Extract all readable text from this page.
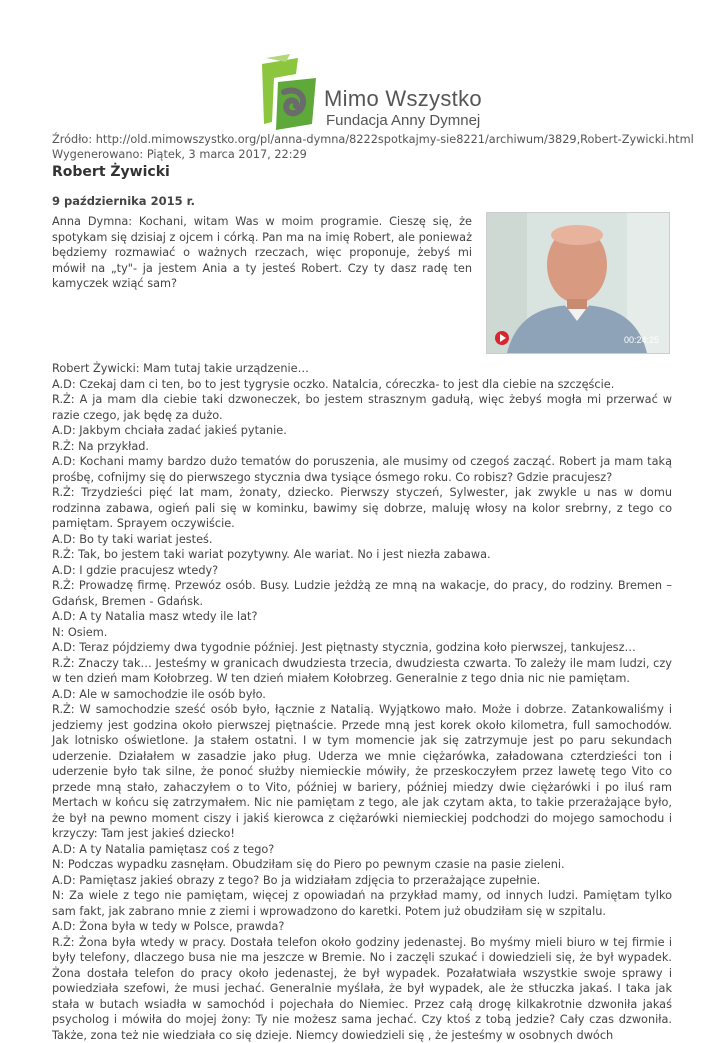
Mimo Wszystko
Fundacja Anny Dymnej
Źródło: http://old.mimowszystko.org/pl/anna-dymna/8222spotkajmy-sie8221/archiwum/3829,Robert-Zywicki.html
Wygenerowano: Piątek, 3 marca 2017, 22:29
Robert Żywicki
9 października 2015 r.
Anna Dymna: Kochani, witam Was w moim programie. Cieszę się, że spotykam się dzisiaj z ojcem i córką. Pan ma na imię Robert, ale ponieważ będziemy rozmawiać o ważnych rzeczach, więc proponuje, żebyś mi mówił na „ty"- ja jestem Ania a ty jesteś Robert. Czy ty dasz radę ten kamyczek wziąć sam?
00:24:25

Robert Żywicki: Mam tutaj takie urządzenie…

A.D: Czekaj dam ci ten, bo to jest tygrysie oczko. Natalcia, córeczka- to jest dla ciebie na szczęście.

R.Ż: A ja mam dla ciebie taki dzwoneczek, bo jestem strasznym gadułą, więc żebyś mogła mi przerwać w razie czego, jak będę za dużo.

A.D: Jakbym chciała zadać jakieś pytanie.

R.Ż: Na przykład.

A.D: Kochani mamy bardzo dużo tematów do poruszenia, ale musimy od czegoś zacząć. Robert ja mam taką prośbę, cofnijmy się do pierwszego stycznia dwa tysiące ósmego roku. Co robisz? Gdzie pracujesz?

R.Ż: Trzydzieści pięć lat mam, żonaty, dziecko. Pierwszy styczeń, Sylwester, jak zwykle u nas w domu rodzinna zabawa, ogień pali się w kominku, bawimy się dobrze, maluję włosy na kolor srebrny, z tego co pamiętam. Sprayem oczywiście.

A.D: Bo ty taki wariat jesteś.

R.Ż: Tak, bo jestem taki wariat pozytywny. Ale wariat. No i jest niezła zabawa.

A.D: I gdzie pracujesz wtedy?

R.Ż: Prowadzę firmę. Przewóz osób. Busy. Ludzie jeżdżą ze mną na wakacje, do pracy, do rodziny. Bremen – Gdańsk, Bremen - Gdańsk.

A.D: A ty Natalia masz wtedy ile lat?

N: Osiem.

A.D: Teraz pójdziemy dwa tygodnie później. Jest piętnasty stycznia, godzina koło pierwszej, tankujesz…

R.Ż: Znaczy tak… Jesteśmy w granicach dwudziesta trzecia, dwudziesta czwarta. To zależy ile mam ludzi, czy w ten dzień mam Kołobrzeg. W ten dzień miałem Kołobrzeg. Generalnie z tego dnia nic nie pamiętam.

A.D: Ale w samochodzie ile osób było.

R.Ż: W samochodzie sześć osób było, łącznie z Natalią. Wyjątkowo mało. Może i dobrze. Zatankowaliśmy i jedziemy jest godzina około pierwszej piętnaście. Przede mną jest korek około kilometra, full samochodów. Jak lotnisko oświetlone. Ja stałem ostatni. I w tym momencie jak się zatrzymuje jest po paru sekundach uderzenie. Działałem w zasadzie jako pług. Uderza we mnie ciężarówka, załadowana czterdzieści ton i uderzenie było tak silne, że ponoć służby niemieckie mówiły, że przeskoczyłem przez lawetę tego Vito co przede mną stało, zahaczyłem o to Vito, później w bariery, później miedzy dwie ciężarówki i po iluś ram Mertach w końcu się zatrzymałem. Nic nie pamiętam z tego, ale jak czytam akta, to takie przerażające było, że był na pewno moment ciszy i jakiś kierowca z ciężarówki niemieckiej podchodzi do mojego samochodu i krzyczy: Tam jest jakieś dziecko!

A.D: A ty Natalia pamiętasz coś z tego?

N: Podczas wypadku zasnęłam. Obudziłam się do Piero po pewnym czasie na pasie zieleni.

A.D: Pamiętasz jakieś obrazy z tego? Bo ja widziałam zdjęcia to przerażające zupełnie.

N: Za wiele z tego nie pamiętam, więcej z opowiadań na przykład mamy, od innych ludzi. Pamiętam tylko sam fakt, jak zabrano mnie z ziemi i wprowadzono do karetki. Potem już obudziłam się w szpitalu.

A.D: Żona była w tedy w Polsce, prawda?

R.Ż: Żona była wtedy w pracy. Dostała telefon około godziny jedenastej. Bo myśmy mieli biuro w tej firmie i były telefony, dlaczego busa nie ma jeszcze w Bremie. No i zaczęli szukać i dowiedzieli się, że był wypadek. Żona dostała telefon do pracy około jedenastej, że był wypadek. Pozałatwiała wszystkie swoje sprawy i powiedziała szefowi, że musi jechać. Generalnie myślała, że był wypadek, ale że stłuczka jakaś. I taka jak stała w butach wsiadła w samochód i pojechała do Niemiec. Przez całą drogę kilkakrotnie dzwoniła jakaś psycholog i mówiła do mojej żony: Ty nie możesz sama jechać. Czy ktoś z tobą jedzie? Cały czas dzwoniła. Także, zona też nie wiedziała co się dzieje. Niemcy dowiedzieli się , że jesteśmy w osobnych dwóch
